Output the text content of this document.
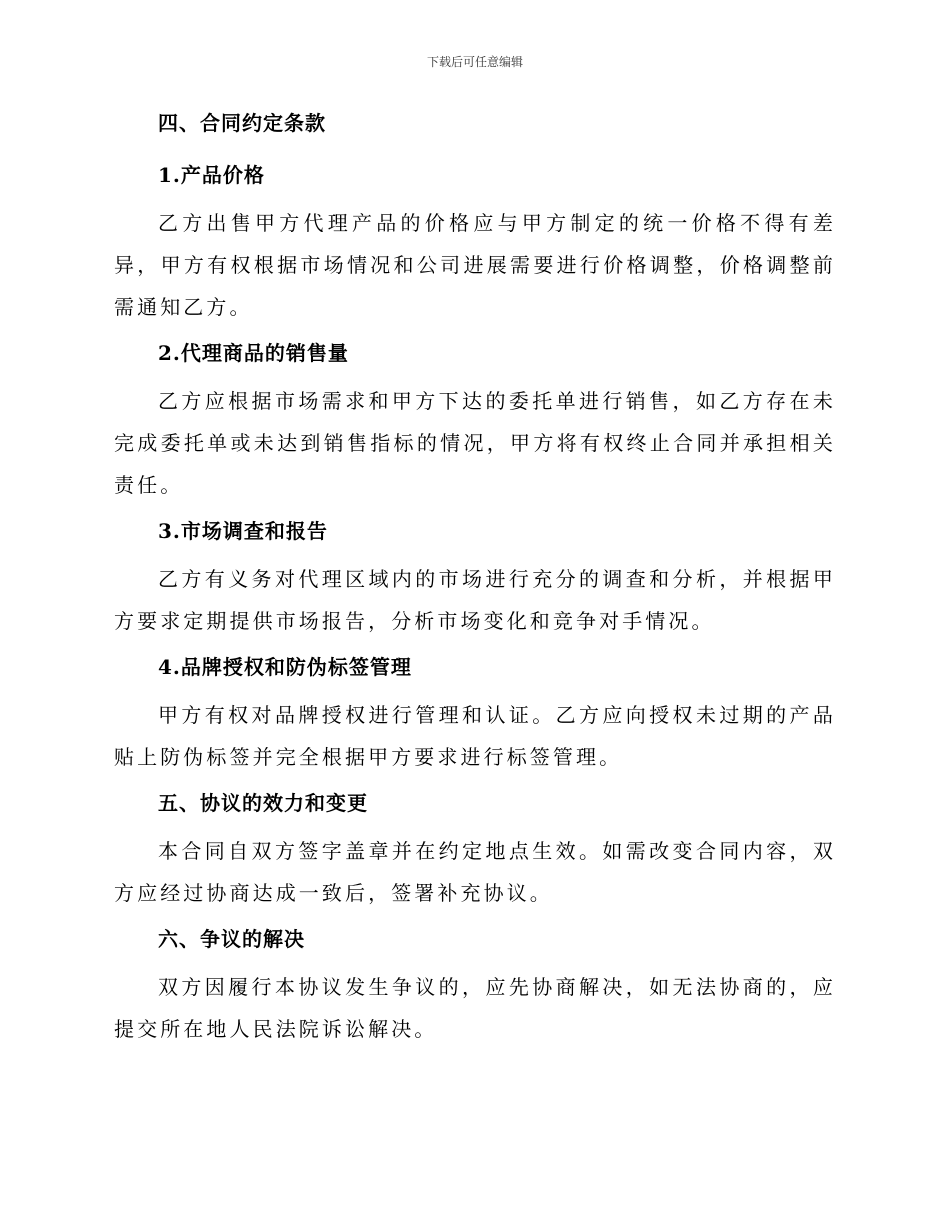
下载后可任意编辑
四、合同约定条款
1.产品价格

乙方出售甲方代理产品的价格应与甲方制定的统一价格不得有差异，甲方有权根据市场情况和公司进展需要进行价格调整，价格调整前需通知乙方。

2.代理商品的销售量

乙方应根据市场需求和甲方下达的委托单进行销售，如乙方存在未完成委托单或未达到销售指标的情况，甲方将有权终止合同并承担相关责任。

3.市场调查和报告

乙方有义务对代理区域内的市场进行充分的调查和分析，并根据甲方要求定期提供市场报告，分析市场变化和竞争对手情况。

4.品牌授权和防伪标签管理

甲方有权对品牌授权进行管理和认证。乙方应向授权未过期的产品贴上防伪标签并完全根据甲方要求进行标签管理。

五、协议的效力和变更

本合同自双方签字盖章并在约定地点生效。如需改变合同内容，双方应经过协商达成一致后，签署补充协议。

六、争议的解决

双方因履行本协议发生争议的，应先协商解决，如无法协商的，应提交所在地人民法院诉讼解决。
